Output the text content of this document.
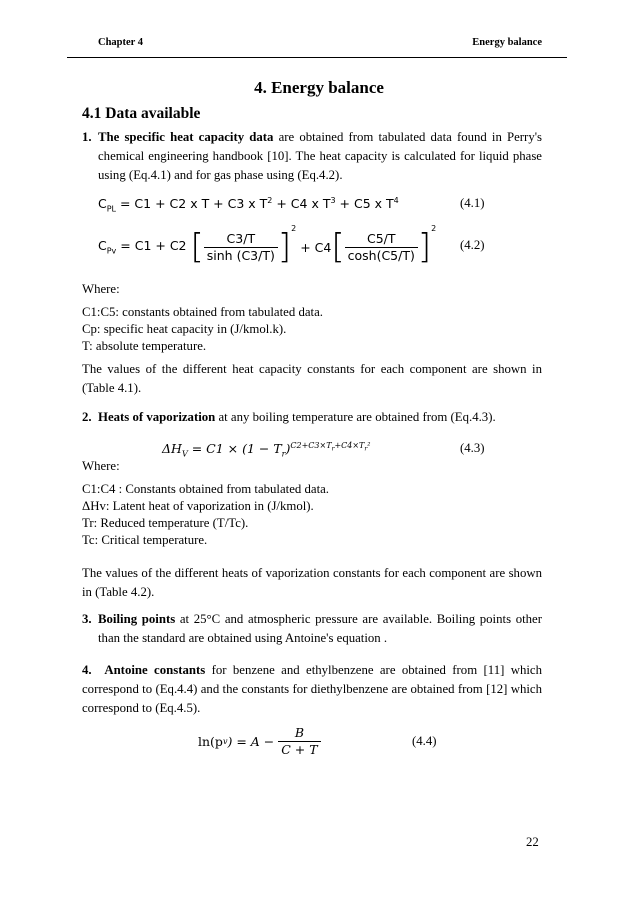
Chapter 4	Energy balance
4. Energy balance
4.1 Data available
1. The specific heat capacity data are obtained from tabulated data found in Perry's chemical engineering handbook [10]. The heat capacity is calculated for liquid phase using (Eq.4.1) and for gas phase using (Eq.4.2).
$C_{PL} = C1 + C2$ x T + C3 x $T^2 + C4$ x $T^3 + C5$ x $T^4$	(4.1)
$C_{Pv} = C1 + C2$ [ $\frac{C3/T}{\sinh (C3/T)} ]^2$
+ C4 [ $\frac{C5/T}{\cosh(C5/T)} ]^2$
(4.2)
Where:
C1:C5: constants obtained from tabulated data.
Cp: specific heat capacity in (J/kmol.k).
T: absolute temperature.
The values of the different heat capacity constants for each component are shown in (Table 4.1).
2. Heats of vaporization at any boiling temperature are obtained from (Eq.4.3).
$\Delta H_V = C1 \times (1 - T_r)^{C2+C3\times T_r+C4\times T_r^2}$	(4.3)
Where:
C1:C4 : Constants obtained from tabulated data.
ΔHv: Latent heat of vaporization in (J/kmol).
Tr: Reduced temperature (T/Tc).
Tc: Critical temperature.
The values of the different heats of vaporization constants for each component are shown in (Table 4.2).
3. Boiling points at 25°C and atmospheric pressure are available. Boiling points other than the standard are obtained using Antoine's equation .
4. Antoine constants for benzene and ethylbenzene are obtained from [11] which correspond to (Eq.4.4) and the constants for diethylbenzene are obtained from [12] which correspond to (Eq.4.5).
ln(p v ) =
A −
$\frac{B}{C + T}$	(4.4)
22
